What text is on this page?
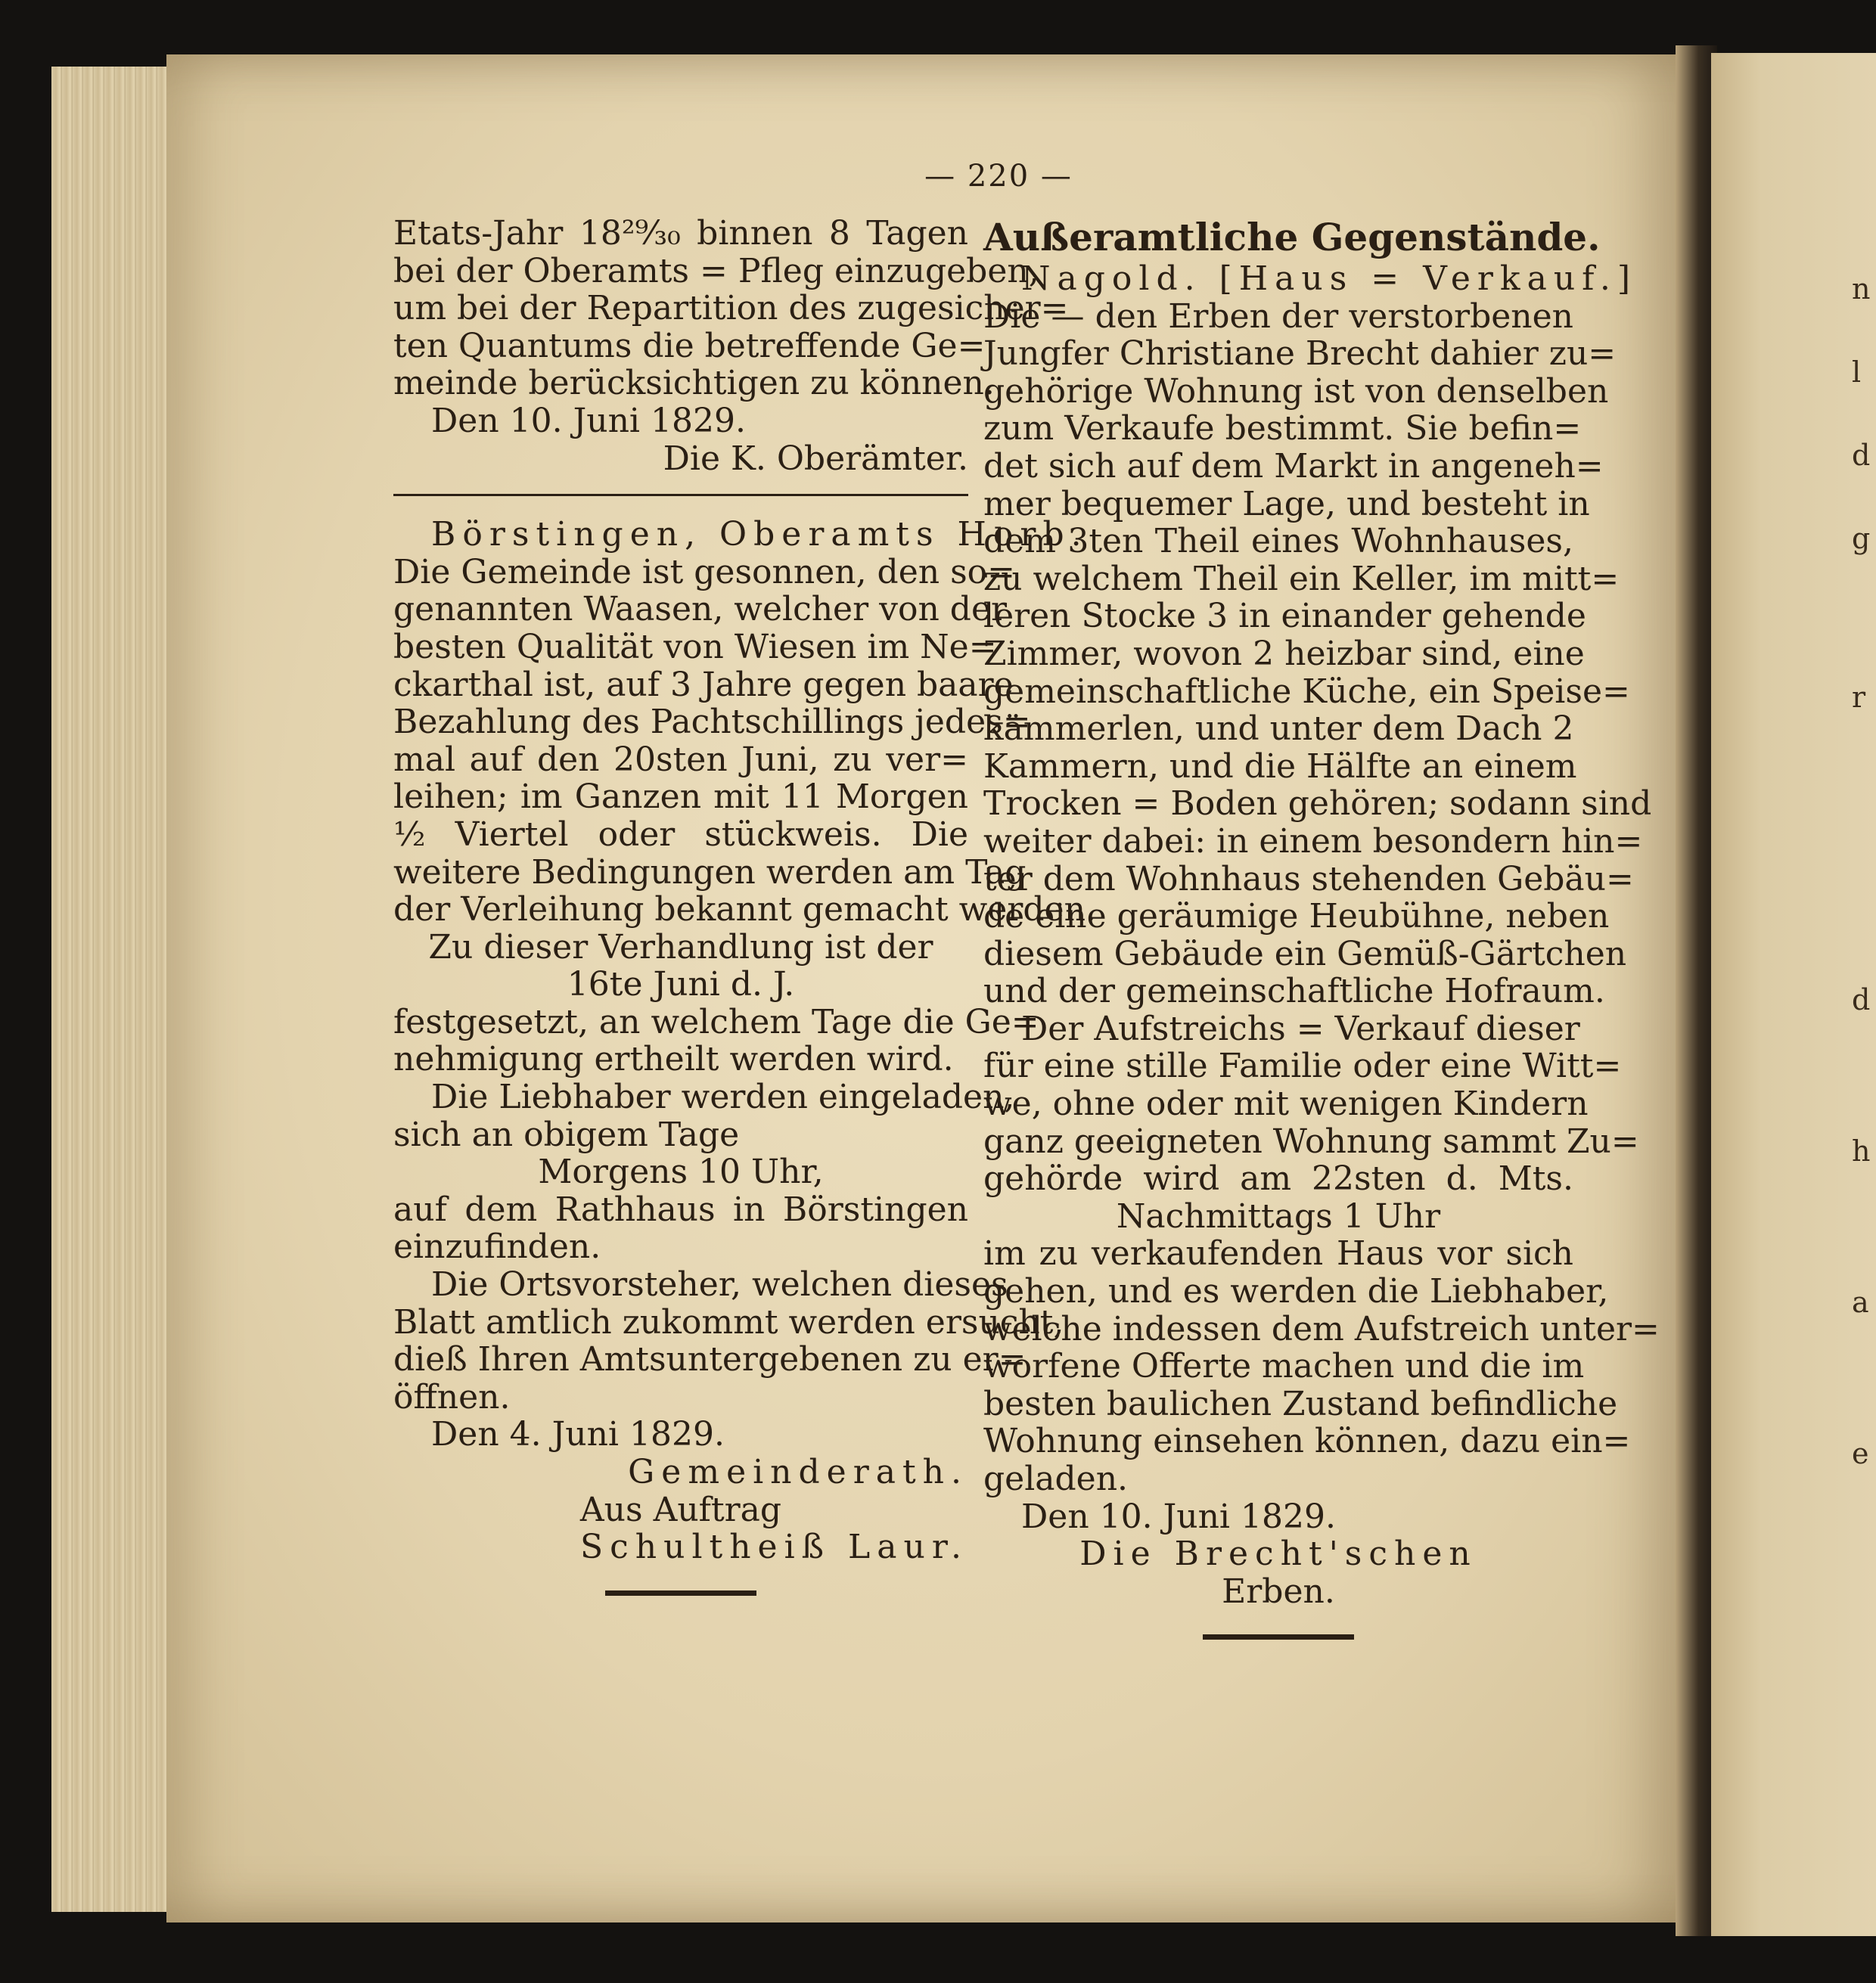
— 220 —
Etats-Jahr 18²⁹⁄₃₀ binnen 8 Tagen
bei der Oberamts = Pfleg einzugeben,
um bei der Repartition des zugesicher=
ten Quantums die betreffende Ge=
meinde berücksichtigen zu können.
Den 10. Juni 1829.
Die K. Oberämter.
Börstingen, Oberamts Horb.
Die Gemeinde ist gesonnen, den so=
genannten Waasen, welcher von der
besten Qualität von Wiesen im Ne=
ckarthal ist, auf 3 Jahre gegen baare
Bezahlung des Pachtschillings jedes=
mal auf den 20sten Juni, zu ver=
leihen; im Ganzen mit 11 Morgen
½ Viertel oder stückweis. Die
weitere Bedingungen werden am Tag
der Verleihung bekannt gemacht werden.
Zu dieser Verhandlung ist der
16te Juni d. J.
festgesetzt, an welchem Tage die Ge=
nehmigung ertheilt werden wird.
Die Liebhaber werden eingeladen,
sich an obigem Tage
Morgens 10 Uhr,
auf dem Rathhaus in Börstingen
einzufinden.
Die Ortsvorsteher, welchen dieses
Blatt amtlich zukommt werden ersucht,
dieß Ihren Amtsuntergebenen zu er=
öffnen.
Den 4. Juni 1829.
Gemeinderath.
Aus Auftrag
Schultheiß Laur.
Außeramtliche Gegenstände.
Nagold. [Haus = Verkauf.]
Die — den Erben der verstorbenen
Jungfer Christiane Brecht dahier zu=
gehörige Wohnung ist von denselben
zum Verkaufe bestimmt. Sie befin=
det sich auf dem Markt in angeneh=
mer bequemer Lage, und besteht in
dem 3ten Theil eines Wohnhauses,
zu welchem Theil ein Keller, im mitt=
leren Stocke 3 in einander gehende
Zimmer, wovon 2 heizbar sind, eine
gemeinschaftliche Küche, ein Speise=
kämmerlen, und unter dem Dach 2
Kammern, und die Hälfte an einem
Trocken = Boden gehören; sodann sind
weiter dabei: in einem besondern hin=
ter dem Wohnhaus stehenden Gebäu=
de eine geräumige Heubühne, neben
diesem Gebäude ein Gemüß-Gärtchen
und der gemeinschaftliche Hofraum.
Der Aufstreichs = Verkauf dieser
für eine stille Familie oder eine Witt=
we, ohne oder mit wenigen Kindern
ganz geeigneten Wohnung sammt Zu=
gehörde wird am 22sten d. Mts.
Nachmittags 1 Uhr
im zu verkaufenden Haus vor sich
gehen, und es werden die Liebhaber,
welche indessen dem Aufstreich unter=
worfene Offerte machen und die im
besten baulichen Zustand befindliche
Wohnung einsehen können, dazu ein=
geladen.
Den 10. Juni 1829.
Die Brecht'schen
Erben.
n
l
d
g
r
d
h
a
e
